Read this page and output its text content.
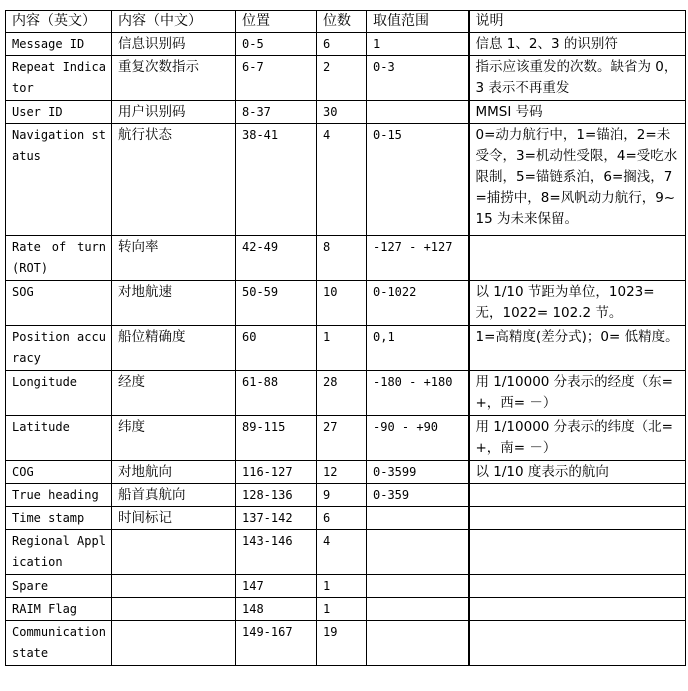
内容（英文）	内容（中文）	位置	位数	取值范围	说明
Message ID	信息识别码	0-5	6	1	信息 1、2、3 的识别符
Repeat Indicator	重复次数指示	6-7	2	0-3	指示应该重发的次数。缺省为 0，3 表示不再重发
User ID	用户识别码	8-37	30		MMSI 号码
Navigation status	航行状态	38-41	4	0-15	0=动力航行中，1=锚泊，2=未受令，3=机动性受限，4=受吃水限制，5=锚链系泊，6=搁浅，7=捕捞中，8=风帆动力航行，9~15 为未来保留。
Rate of turn(ROT)	转向率	42-49	8	-127 - +127	
SOG	对地航速	50-59	10	0-1022	以 1/10 节距为单位，1023=无，1022= 102.2 节。
Position accuracy	船位精确度	60	1	0,1	1=高精度(差分式)；0= 低精度。
Longitude	经度	61-88	28	-180 - +180	用 1/10000 分表示的经度（东=+，西= －）
Latitude	纬度	89-115	27	-90 - +90	用 1/10000 分表示的纬度（北=+，南= －）
COG	对地航向	116-127	12	0-3599	以 1/10 度表示的航向
True heading	船首真航向	128-136	9	0-359	
Time stamp	时间标记	137-142	6		
Regional Application		143-146	4		
Spare		147	1		
RAIM Flag		148	1		
Communication state		149-167	19		
